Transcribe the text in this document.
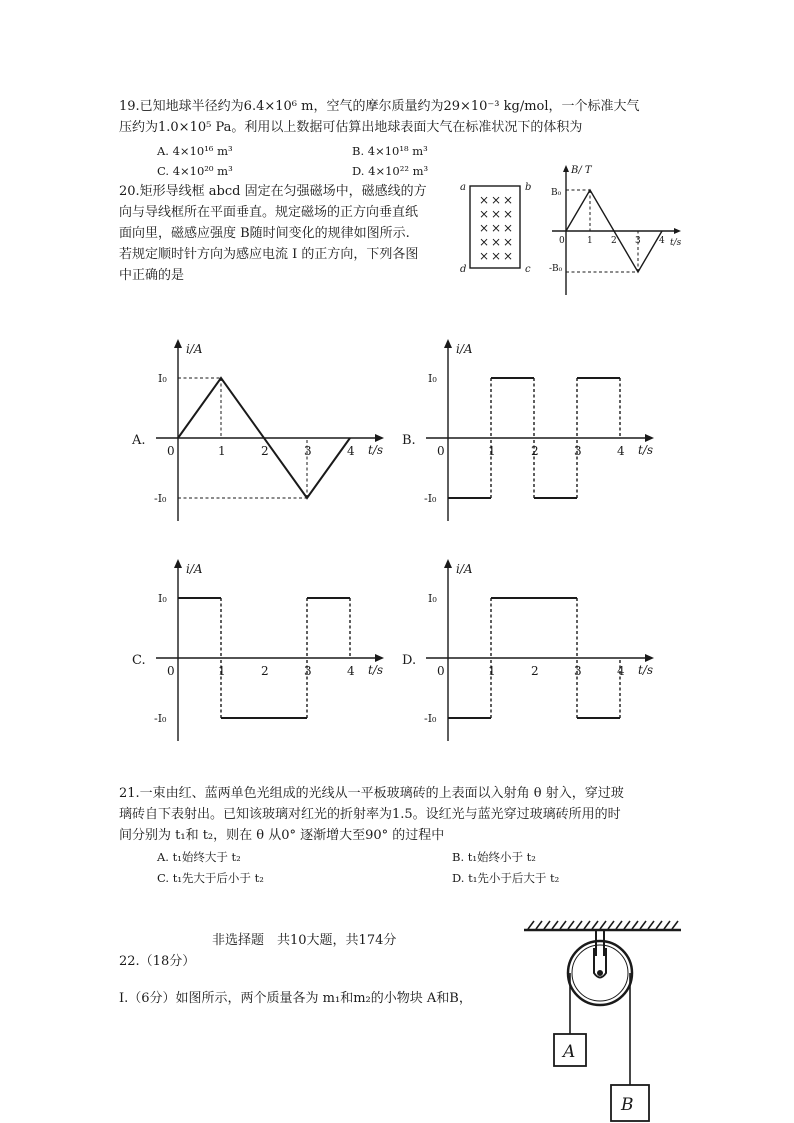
19.已知地球半径约为6.4×10⁶ m，空气的摩尔质量约为29×10⁻³ kg/mol，一个标准大气
压约为1.0×10⁵ Pa。利用以上数据可估算出地球表面大气在标准状况下的体积为
A. 4×10¹⁶ m³	B. 4×10¹⁸ m³
C. 4×10²⁰ m³	D. 4×10²² m³
20.矩形导线框 abcd 固定在匀强磁场中，磁感线的方
向与导线框所在平面垂直。规定磁场的正方向垂直纸
面向里，磁感应强度 B随时间变化的规律如图所示.
若规定顺时针方向为感应电流 I 的正方向，下列各图
中正确的是
a	b
c
d
× × ×
× × ×
× × ×
× × ×
× × ×
B/ T
t/s
B₀
-B₀
0 1 2 3 4
A.
i/A
t/s
I₀
-I₀
0	1	2	3	4
B.
i/A
t/s
I₀
-I₀
0	1	2	3	4
C.
i/A
t/s
I₀
-I₀
0	1	2	3	4
D.
i/A
t/s
I₀
-I₀
0	1	2	3	4
21.一束由红、蓝两单色光组成的光线从一平板玻璃砖的上表面以入射角 θ 射入，穿过玻
璃砖自下表射出。已知该玻璃对红光的折射率为1.5。设红光与蓝光穿过玻璃砖所用的时
间分别为 t₁和 t₂，则在 θ 从0° 逐渐增大至90° 的过程中
A. t₁始终大于 t₂	B. t₁始终小于 t₂
C. t₁先大于后小于 t₂	D. t₁先小于后大于 t₂
非选择题　共10大题，共174分
22.（18分）
Ⅰ.（6分）如图所示，两个质量各为 m₁和m₂的小物块 A和B，
A
B
